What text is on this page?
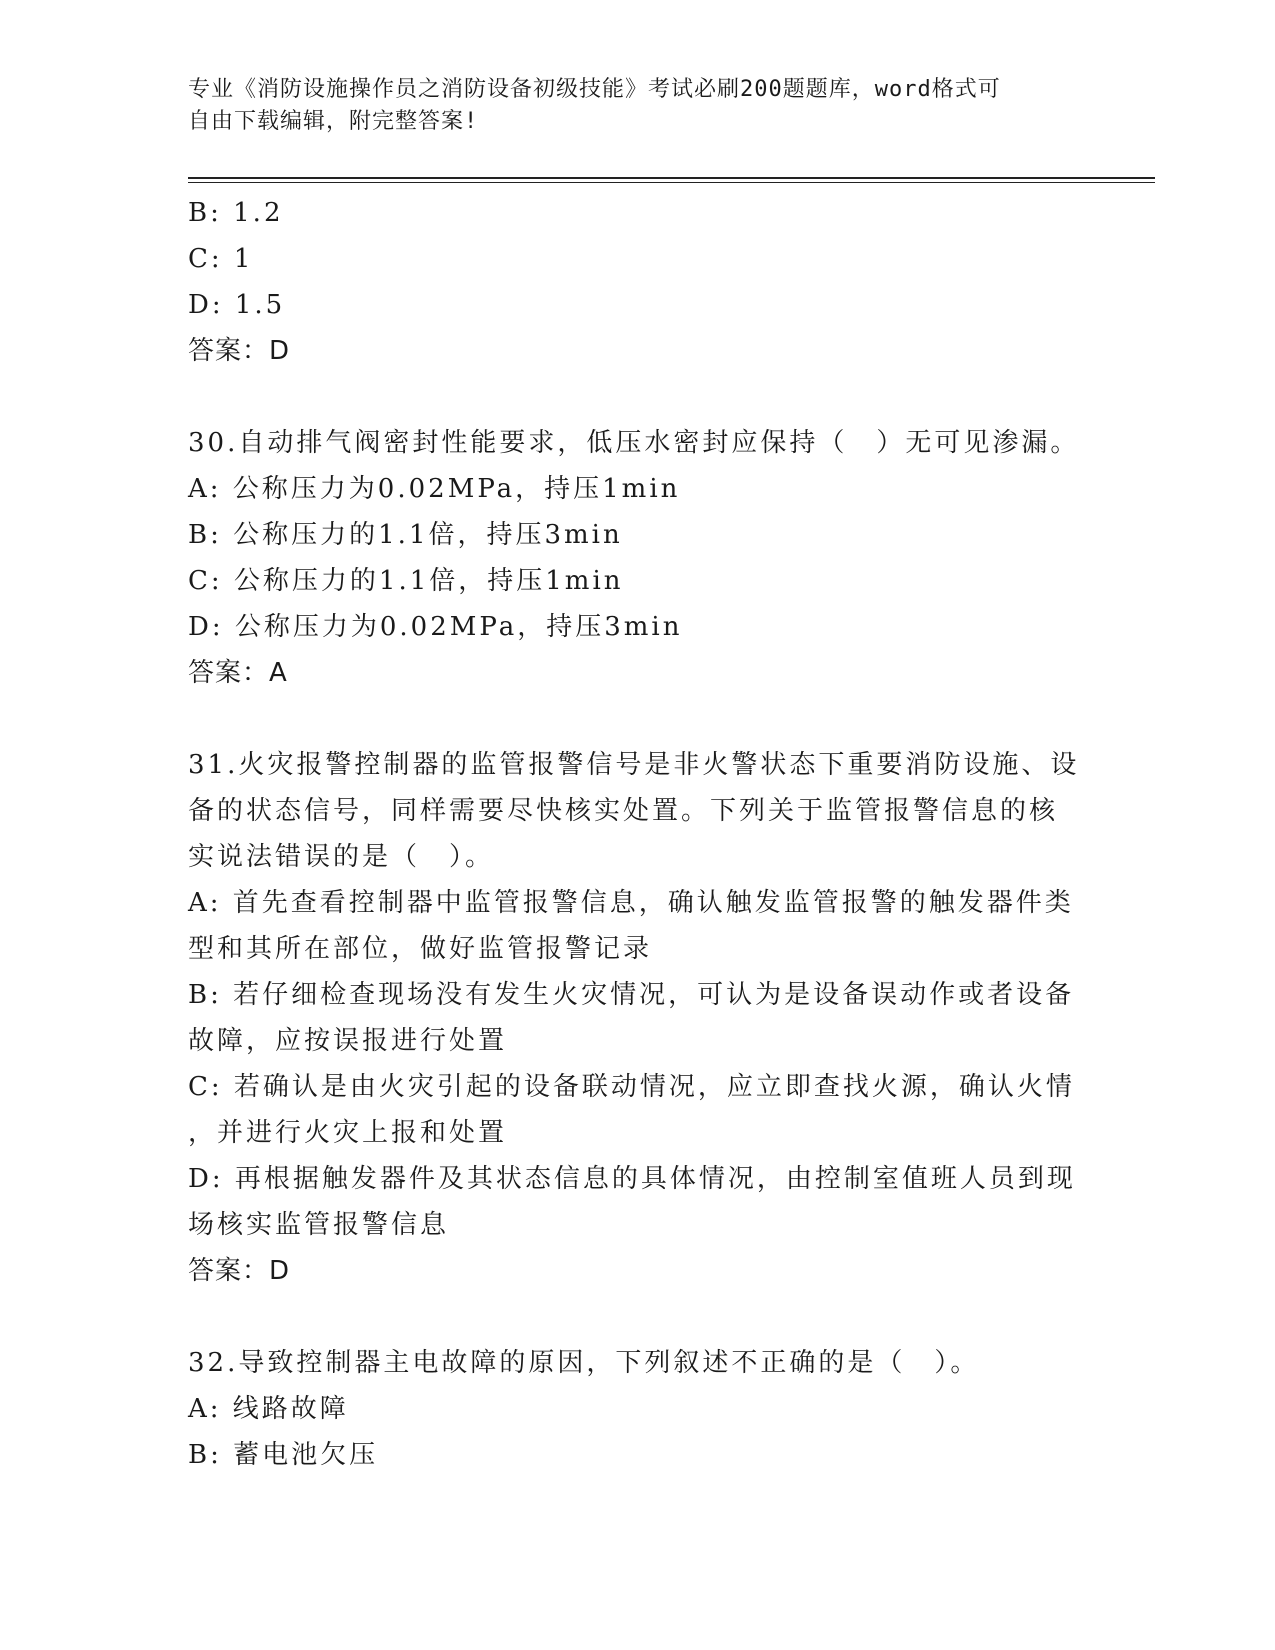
专业《消防设施操作员之消防设备初级技能》考试必刷200题题库，word格式可
自由下载编辑，附完整答案!
B: 1.2
C: 1
D: 1.5
答案：D
30.自动排气阀密封性能要求，低压水密封应保持（　）无可见渗漏。
A: 公称压力为0.02MPa，持压1min
B: 公称压力的1.1倍，持压3min
C: 公称压力的1.1倍，持压1min
D: 公称压力为0.02MPa，持压3min
答案：A
31.火灾报警控制器的监管报警信号是非火警状态下重要消防设施、设
备的状态信号，同样需要尽快核实处置。下列关于监管报警信息的核
实说法错误的是（　）。
A: 首先查看控制器中监管报警信息，确认触发监管报警的触发器件类
型和其所在部位，做好监管报警记录
B: 若仔细检查现场没有发生火灾情况，可认为是设备误动作或者设备
故障，应按误报进行处置
C: 若确认是由火灾引起的设备联动情况，应立即查找火源，确认火情
，并进行火灾上报和处置
D: 再根据触发器件及其状态信息的具体情况，由控制室值班人员到现
场核实监管报警信息
答案：D
32.导致控制器主电故障的原因，下列叙述不正确的是（　）。
A: 线路故障
B: 蓄电池欠压
